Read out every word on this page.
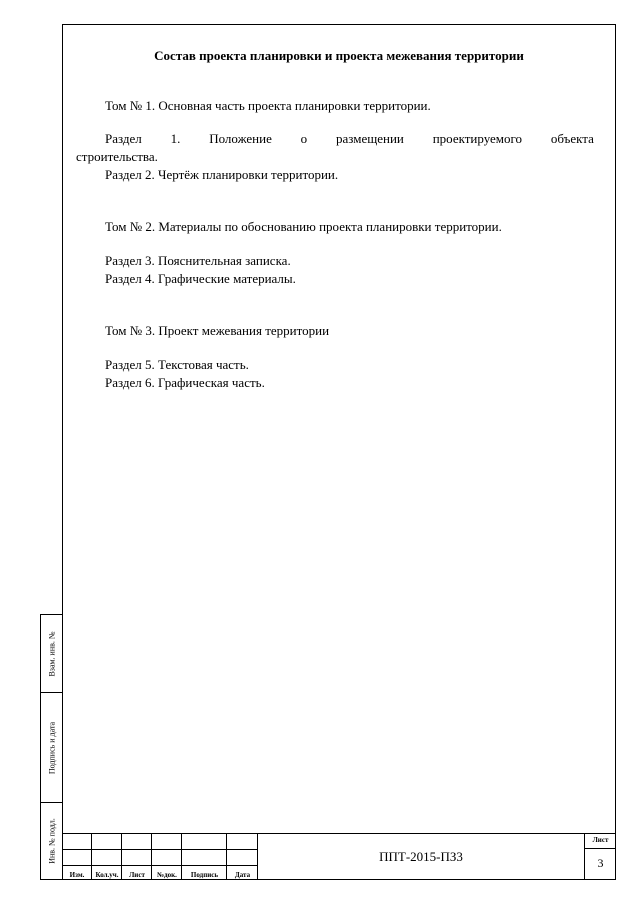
Взам. инв. №
Подпись и дата
Инв. № подл.
Состав проекта планировки и проекта межевания территории
Том № 1. Основная часть проекта планировки территории.
Раздел 1. Положение о размещении проектируемого объекта
строительства.
Раздел 2. Чертёж планировки территории.
Том № 2. Материалы по обоснованию проекта планировки территории.
Раздел 3. Пояснительная записка.
Раздел 4. Графические материалы.
Том № 3. Проект межевания территории
Раздел 5. Текстовая часть.
Раздел 6. Графическая часть.
Изм.	Кол.уч.	Лист	№док.	Подпись	Дата
ППТ-2015-ПЗ3
Лист
3
